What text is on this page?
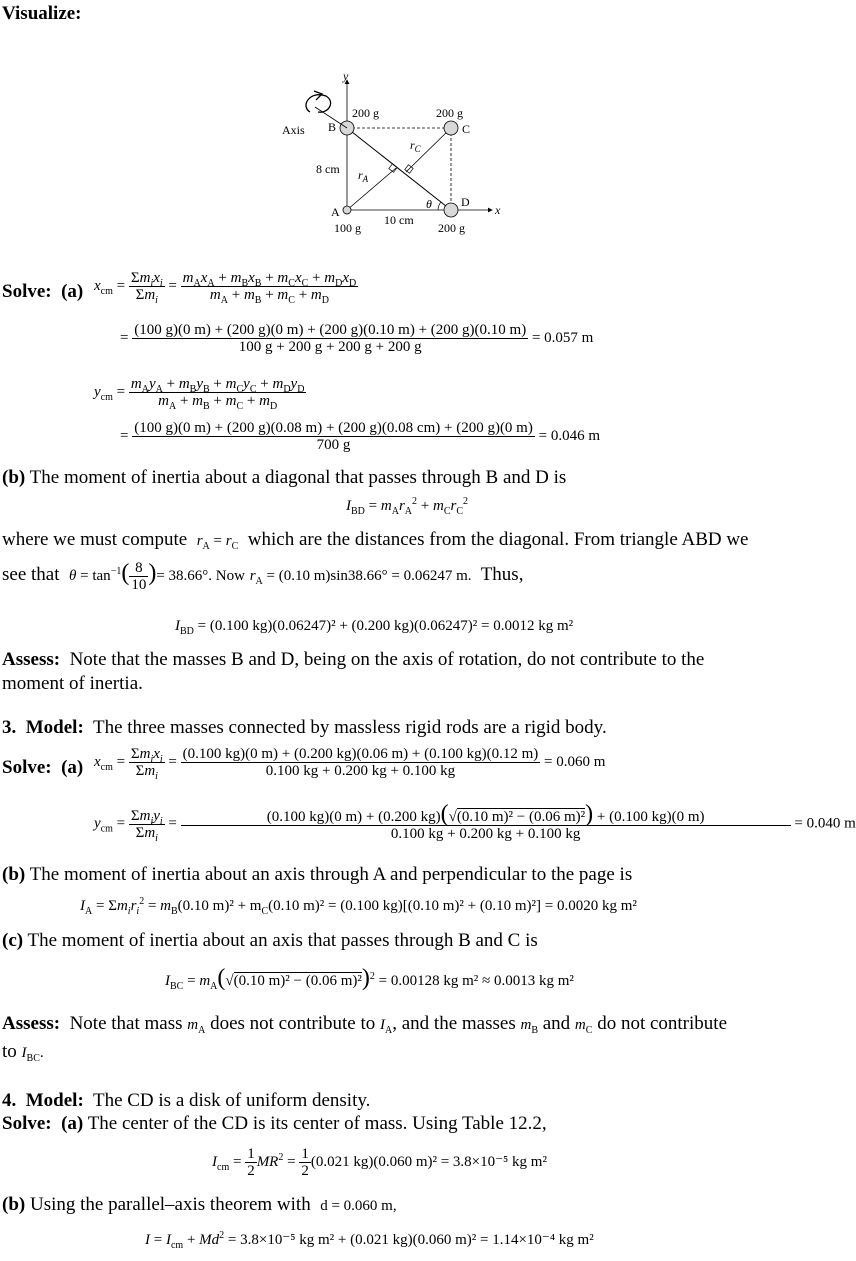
Visualize:
y
x
Axis B	C
A
D
200 g	200 g
100 g	200 g
8 cm
10 cm
$r_C$
$r_A$
θ
Solve: (a) $x_{cm} = \frac{\Sigma m_ix_i}{\Sigma m_i} = \frac{m_Ax_A + m_Bx_B + m_Cx_C + m_Dx_D}{m_A + m_B + m_C + m_D}$
= (100 g)(0 m) + (200 g)(0 m) + (200 g)(0.10 m) + (200 g)(0.10 m)
100 g + 200 g + 200 g + 200 g
= 0.057 m
$y_{cm} = \frac{m_Ay_A + m_By_B + m_Cy_C + m_Dy_D}{m_A + m_B + m_C + m_D}$
= (100 g)(0 m) + (200 g)(0.08 m) + (200 g)(0.08 cm) + (200 g)(0 m)
700 g
= 0.046 m
(b) The moment of inertia about a diagonal that passes through B and D is
$I_{BD} = m_Ar_A^2 + m_Cr_C^2$
where we must compute $r_A = r_C$ which are the distances from the diagonal. From triangle ABD we
see that $\theta = \tan^{-1}( \frac{8}{10}$ )= 38.66°. Now $r_A = (0.10$ m)sin38.66° = 0.06247 m. Thus,
$I_{BD} = (0.100$ kg)(0.06247)² + (0.200 kg)(0.06247)² = 0.0012 kg m²
Assess: Note that the masses B and D, being on the axis of rotation, do not contribute to the
moment of inertia.
3. Model: The three masses connected by massless rigid rods are a rigid body.
Solve: (a) $x_{cm} = \frac{\Sigma m_ix_i}{\Sigma m_i} = \frac{(0.100 kg)(0 m) + (0.200 kg)(0.06 m) + (0.100 kg)(0.12 m)}{0.100 kg + 0.200 kg + 0.100 kg} = 0.060$ m
$y_{cm} = \frac{\Sigma m_iy_i}{\Sigma m_i}$ =	(0.100 kg)(0 m) + (0.200 kg)(√(0.10 m)² − (0.06 m)²) + (0.100 kg)(0 m)
0.100 kg + 0.200 kg + 0.100 kg
= 0.040 m
(b) The moment of inertia about an axis through A and perpendicular to the page is
$I_A = \Sigma m_ir_i^2 = m_B(0.10$ $m)^2 + m_C(0.10$ m)² = (0.100 kg)[(0.10 m)² + (0.10 m)²] = 0.0020 kg m²
(c) The moment of inertia about an axis that passes through B and C is
$I_{BC} = m_A(√(0.10$ m)² − (0.06 m)²)$^2$ = 0.00128 kg m² ≈ 0.0013 kg m²
Assess: Note that mass $m_A$ does not contribute to $I_A$, and the masses $m_B$ and $m_C$ do not contribute
to $I_{BC}$.
4. Model: The CD is a disk of uniform density.
Solve: (a) The center of the CD is its center of mass. Using Table 12.2,
$I_{cm} = \frac{1}{2} MR^2 = \frac{1}{2} (0.021$ kg)(0.060 m)² = 3.8×10⁻⁵ kg m²
(b) Using the parallel–axis theorem with d = 0.060 m,
$I = I_{cm} + Md^2 = 3.8\times 10^{-5}$ kg m² + (0.021 kg)(0.060 m)² = 1.14×10⁻⁴ kg m²
